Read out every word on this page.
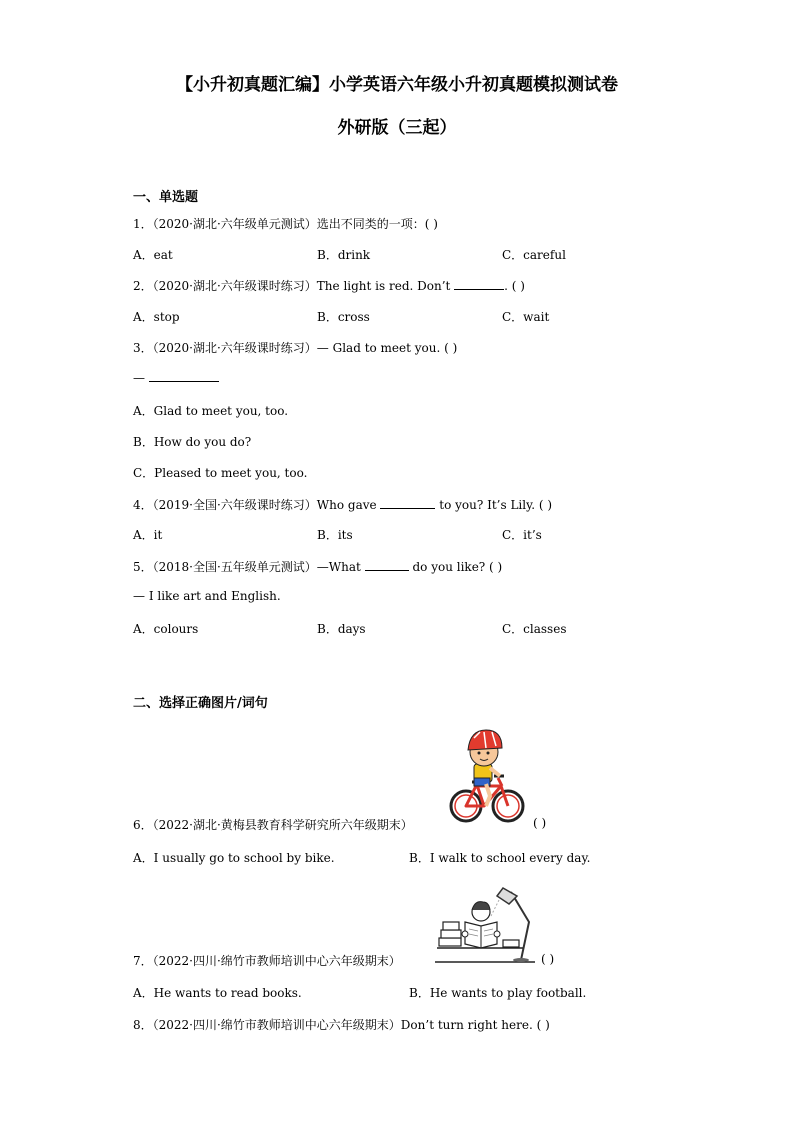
【小升初真题汇编】小学英语六年级小升初真题模拟测试卷
外研版（三起）
一、单选题
1．（2020·湖北·六年级单元测试）选出不同类的一项：( )
A．eat	B．drink	C．careful
2．（2020·湖北·六年级课时练习）The light is red. Don’t	. ( )
A．stop	B．cross	C．wait
3．（2020·湖北·六年级课时练习）— Glad to meet you. ( )
—
A．Glad to meet you, too.
B．How do you do?
C．Pleased to meet you, too.
4．（2019·全国·六年级课时练习）Who gave	to you? It’s Lily. ( )
A．it	B．its	C．it’s
5．（2018·全国·五年级单元测试）—What	do you like? ( )
— I like art and English.
A．colours	B．days	C．classes
二、选择正确图片/词句
6．（2022·湖北·黄梅县教育科学研究所六年级期末）	( )
A．I usually go to school by bike.	B．I walk to school every day.
7．（2022·四川·绵竹市教师培训中心六年级期末）	( )
A．He wants to read books.	B．He wants to play football.
8．（2022·四川·绵竹市教师培训中心六年级期末）Don’t turn right here. ( )
